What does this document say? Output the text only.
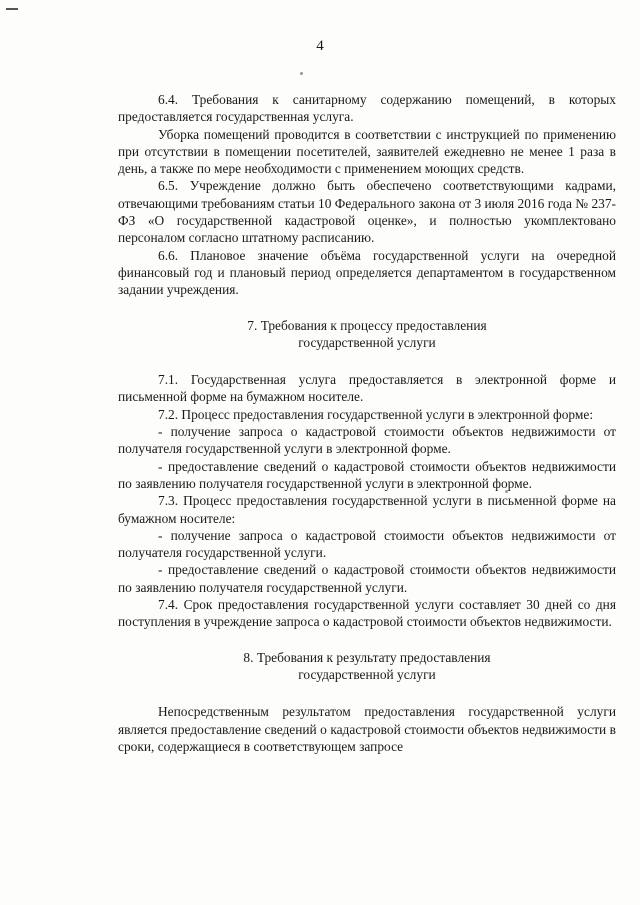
4

6.4. Требования к санитарному содержанию помещений, в которых предоставляется государственная услуга.

Уборка помещений проводится в соответствии с инструкцией по применению при отсутствии в помещении посетителей, заявителей ежедневно не менее 1 раза в день, а также по мере необходимости с применением моющих средств.

6.5. Учреждение должно быть обеспечено соответствующими кадрами, отвечающими требованиям статьи 10 Федерального закона от 3 июля 2016 года № 237-ФЗ «О государственной кадастровой оценке», и полностью укомплектовано персоналом согласно штатному расписанию.

6.6. Плановое значение объёма государственной услуги на очередной финансовый год и плановый период определяется департаментом в государственном задании учреждения.

7. Требования к процессу предоставления
государственной услуги

7.1. Государственная услуга предоставляется в электронной форме и письменной форме на бумажном носителе.

7.2. Процесс предоставления государственной услуги в электронной форме:

- получение запроса о кадастровой стоимости объектов недвижимости от получателя государственной услуги в электронной форме.

- предоставление сведений о кадастровой стоимости объектов недвижимости по заявлению получателя государственной услуги в электронной форме.

7.3. Процесс предоставления государственной услуги в письменной форме на бумажном носителе:

- получение запроса о кадастровой стоимости объектов недвижимости от получателя государственной услуги.

- предоставление сведений о кадастровой стоимости объектов недвижимости по заявлению получателя государственной услуги.

7.4. Срок предоставления государственной услуги составляет 30 дней со дня поступления в учреждение запроса о кадастровой стоимости объектов недвижимости.

8. Требования к результату предоставления
государственной услуги

Непосредственным результатом предоставления государственной услуги является предоставление сведений о кадастровой стоимости объектов недвижимости в сроки, содержащиеся в соответствующем запросе
